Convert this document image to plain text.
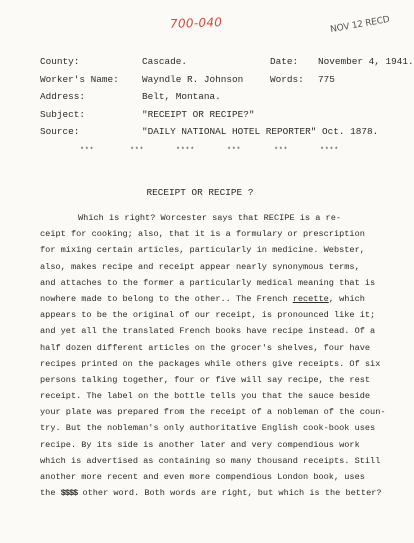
700-040	NOV 12 RECD
County:	Cascade.	Date: November 4, 1941.
Worker's Name: Wayndle R. Johnson	Words: 775
Address:	Belt, Montana.
Subject:	"RECEIPT OR RECIPE?"
Source:	"DAILY NATIONAL HOTEL REPORTER" Oct. 1878.
***	***	****	***	***	****
RECEIPT OR RECIPE ?
Which is right? Worcester says that RECIPE is a re-
ceipt for cooking; also, that it is a formulary or prescription
for mixing certain articles, particularly in medicine. Webster,
also, makes recipe and receipt appear nearly synonymous terms,
and attaches to the former a particularly medical meaning that is
nowhere made to belong to the other.. The French recette, which
appears to be the original of our receipt, is pronounced like it;
and yet all the translated French books have recipe instead. Of a
half dozen different articles on the grocer's shelves, four have
recipes printed on the packages while others give receipts. Of six
persons talking together, four or five will say recipe, the rest
receipt. The label on the bottle tells you that the sauce beside
your plate was prepared from the receipt of a nobleman of the coun-
try. But the nobleman's only authoritative English cook-book uses
recipe. By its side is another later and very compendious work
which is advertised as containing so many thousand receipts. Still
another more recent and even more compendious London book, uses
the $$$$ other word. Both words are right, but which is the better?
